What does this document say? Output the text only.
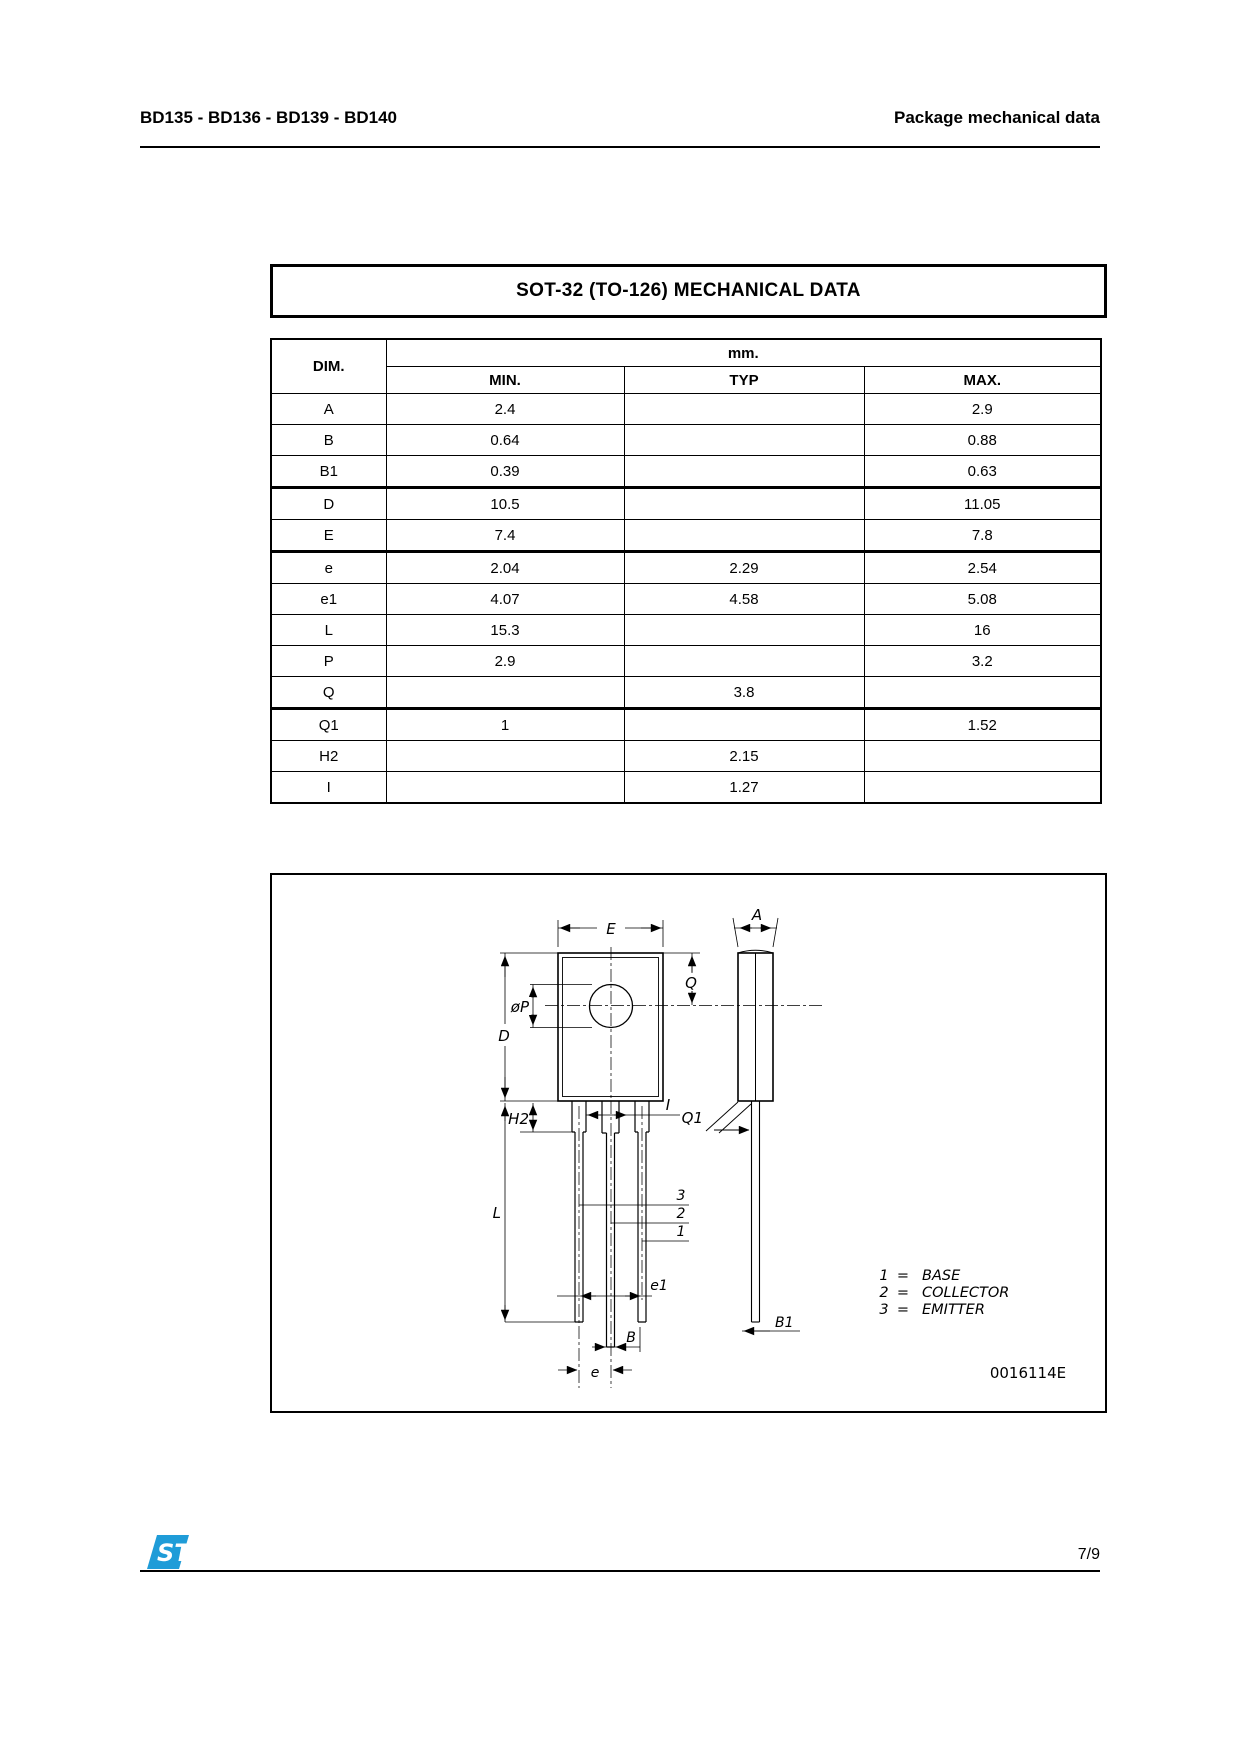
BD135 - BD136 - BD139 - BD140	Package mechanical data
SOT-32 (TO-126) MECHANICAL DATA
DIM.	mm.		
	MIN.	TYP	MAX.
A	2.4		2.9
B	0.64		0.88
B1	0.39		0.63
D	10.5		11.05
E	7.4		7.8
e	2.04	2.29	2.54
e1	4.07	4.58	5.08
L	15.3		16
P	2.9		3.2
Q		3.8	
Q1	1		1.52
H2		2.15	
I		1.27	
E
A
D
Q
øP
H2
I
Q1
L
e1
B
B1
e
3
2
1
1 = BASE
2 = COLLECTOR
3 = EMITTER
0016114E
ST	7/9
